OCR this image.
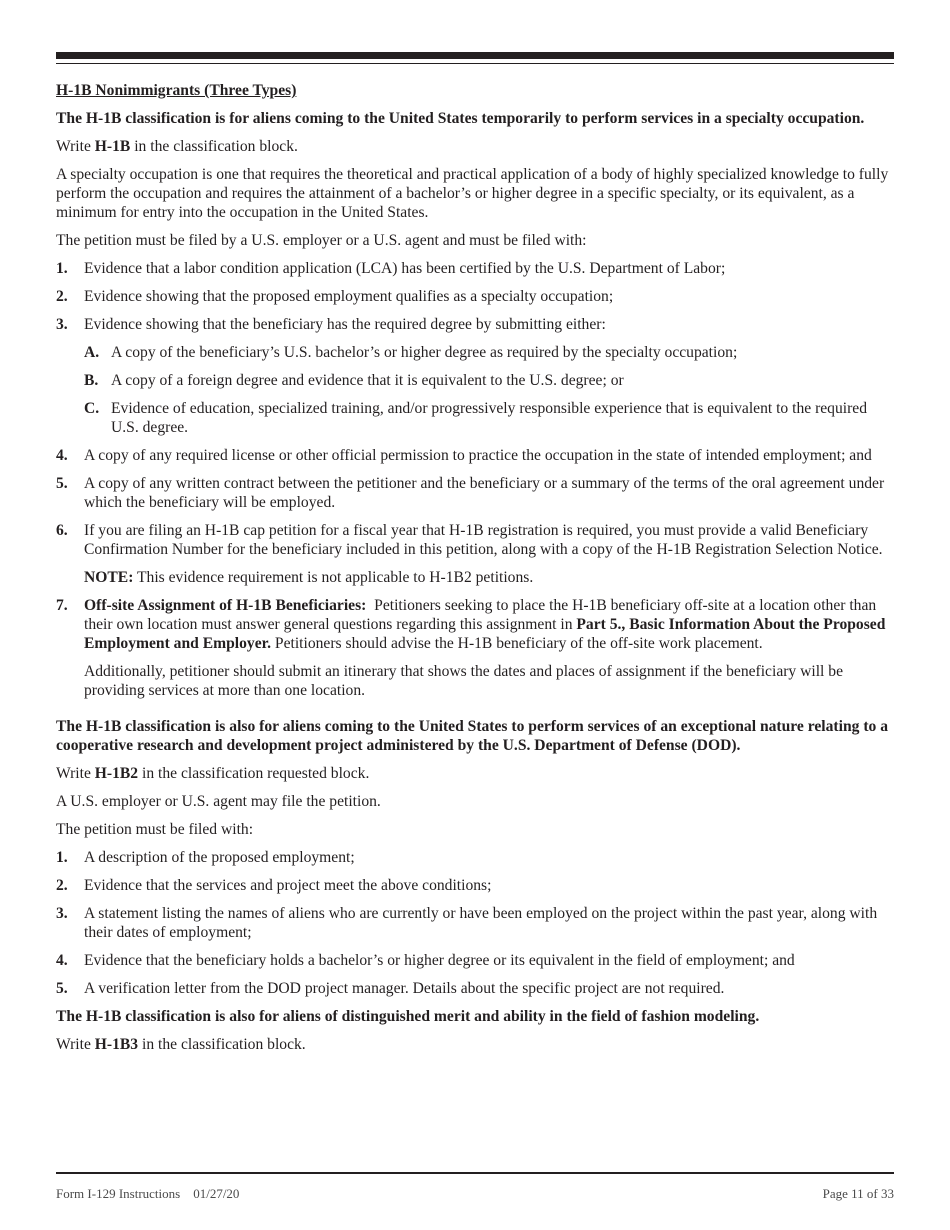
H-1B Nonimmigrants (Three Types)
The H-1B classification is for aliens coming to the United States temporarily to perform services in a specialty occupation.
Write H-1B in the classification block.
A specialty occupation is one that requires the theoretical and practical application of a body of highly specialized knowledge to fully perform the occupation and requires the attainment of a bachelor’s or higher degree in a specific specialty, or its equivalent, as a minimum for entry into the occupation in the United States.
The petition must be filed by a U.S. employer or a U.S. agent and must be filed with:
1.	Evidence that a labor condition application (LCA) has been certified by the U.S. Department of Labor;
2.	Evidence showing that the proposed employment qualifies as a specialty occupation;
3.	Evidence showing that the beneficiary has the required degree by submitting either:
A. A copy of the beneficiary’s U.S. bachelor’s or higher degree as required by the specialty occupation;
B. A copy of a foreign degree and evidence that it is equivalent to the U.S. degree; or
C. Evidence of education, specialized training, and/or progressively responsible experience that is equivalent to the required U.S. degree.
4.	A copy of any required license or other official permission to practice the occupation in the state of intended employment; and
5.	A copy of any written contract between the petitioner and the beneficiary or a summary of the terms of the oral agreement under which the beneficiary will be employed.
6.	If you are filing an H-1B cap petition for a fiscal year that H-1B registration is required, you must provide a valid Beneficiary Confirmation Number for the beneficiary included in this petition, along with a copy of the H-1B Registration Selection Notice.
NOTE: This evidence requirement is not applicable to H-1B2 petitions.
7.	Off-site Assignment of H-1B Beneficiaries: Petitioners seeking to place the H-1B beneficiary off-site at a location other than their own location must answer general questions regarding this assignment in Part 5., Basic Information About the Proposed Employment and Employer. Petitioners should advise the H-1B beneficiary of the off-site work placement.
Additionally, petitioner should submit an itinerary that shows the dates and places of assignment if the beneficiary will be providing services at more than one location.
The H-1B classification is also for aliens coming to the United States to perform services of an exceptional nature relating to a cooperative research and development project administered by the U.S. Department of Defense (DOD).
Write H-1B2 in the classification requested block.
A U.S. employer or U.S. agent may file the petition.
The petition must be filed with:
1.	A description of the proposed employment;
2.	Evidence that the services and project meet the above conditions;
3.	A statement listing the names of aliens who are currently or have been employed on the project within the past year, along with their dates of employment;
4.	Evidence that the beneficiary holds a bachelor’s or higher degree or its equivalent in the field of employment; and
5.	A verification letter from the DOD project manager. Details about the specific project are not required.
The H-1B classification is also for aliens of distinguished merit and ability in the field of fashion modeling.
Write H-1B3 in the classification block.
Form I-129 Instructions    01/27/20	Page 11 of 33
